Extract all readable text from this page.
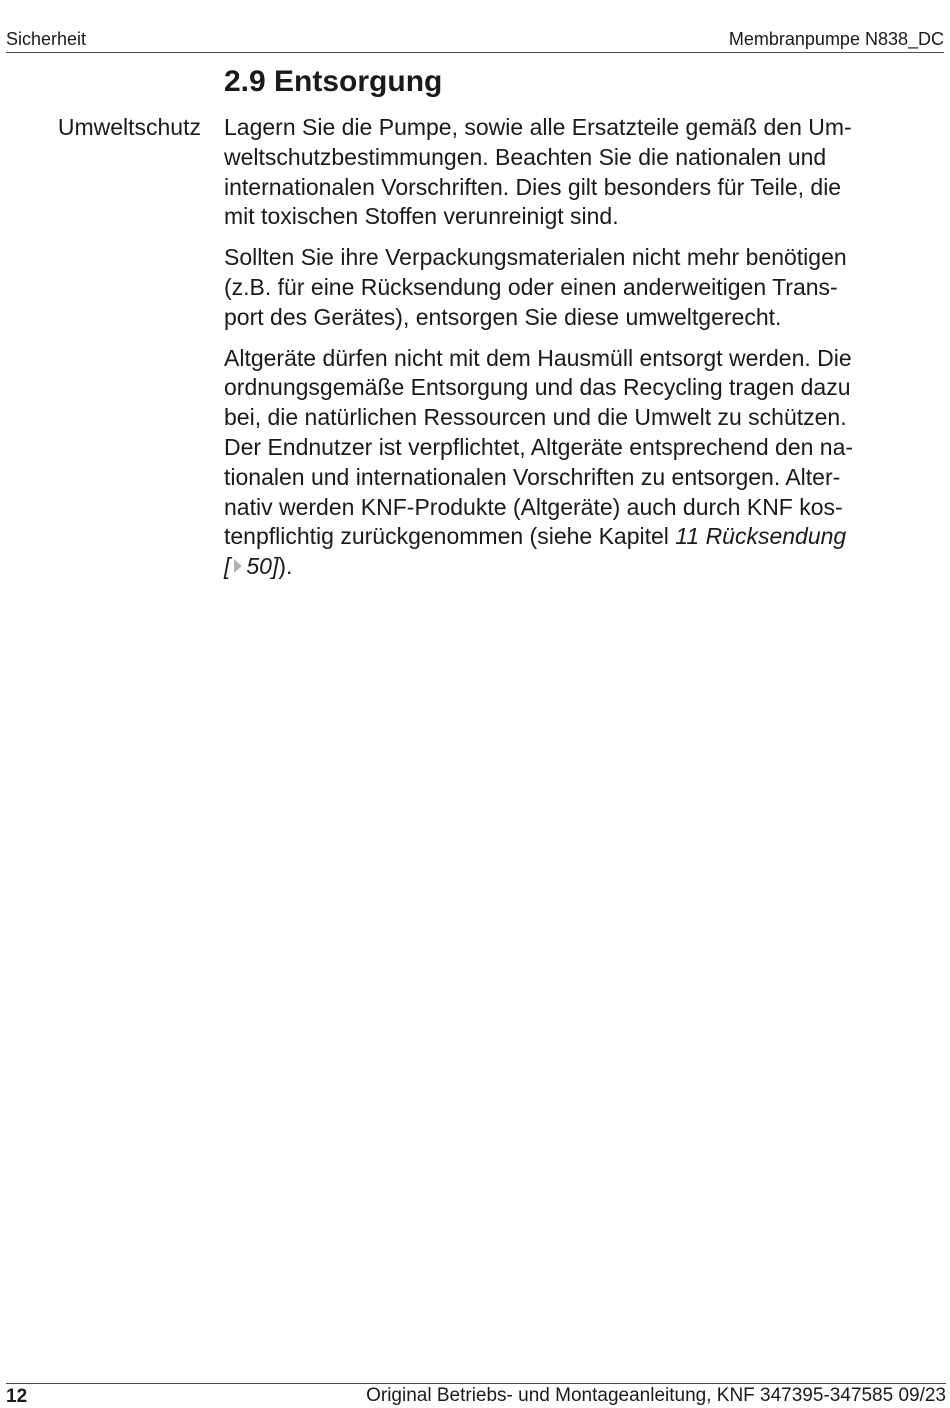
Sicherheit	Membranpumpe N838_DC
2.9 Entsorgung
Umweltschutz Lagern Sie die Pumpe, sowie alle Ersatzteile gemäß den Um-
weltschutzbestimmungen. Beachten Sie die nationalen und
internationalen Vorschriften. Dies gilt besonders für Teile, die
mit toxischen Stoffen verunreinigt sind.

Sollten Sie ihre Verpackungsmaterialen nicht mehr benötigen
(z.B. für eine Rücksendung oder einen anderweitigen Trans-
port des Gerätes), entsorgen Sie diese umweltgerecht.

Altgeräte dürfen nicht mit dem Hausmüll entsorgt werden. Die
ordnungsgemäße Entsorgung und das Recycling tragen dazu
bei, die natürlichen Ressourcen und die Umwelt zu schützen.
Der Endnutzer ist verpflichtet, Altgeräte entsprechend den na-
tionalen und internationalen Vorschriften zu entsorgen. Alter-
nativ werden KNF-Produkte (Altgeräte) auch durch KNF kos-
tenpflichtig zurückgenommen (siehe Kapitel 11 Rücksendung
[ 50]).

12	Original Betriebs- und Montageanleitung, KNF 347395-347585 09/23
